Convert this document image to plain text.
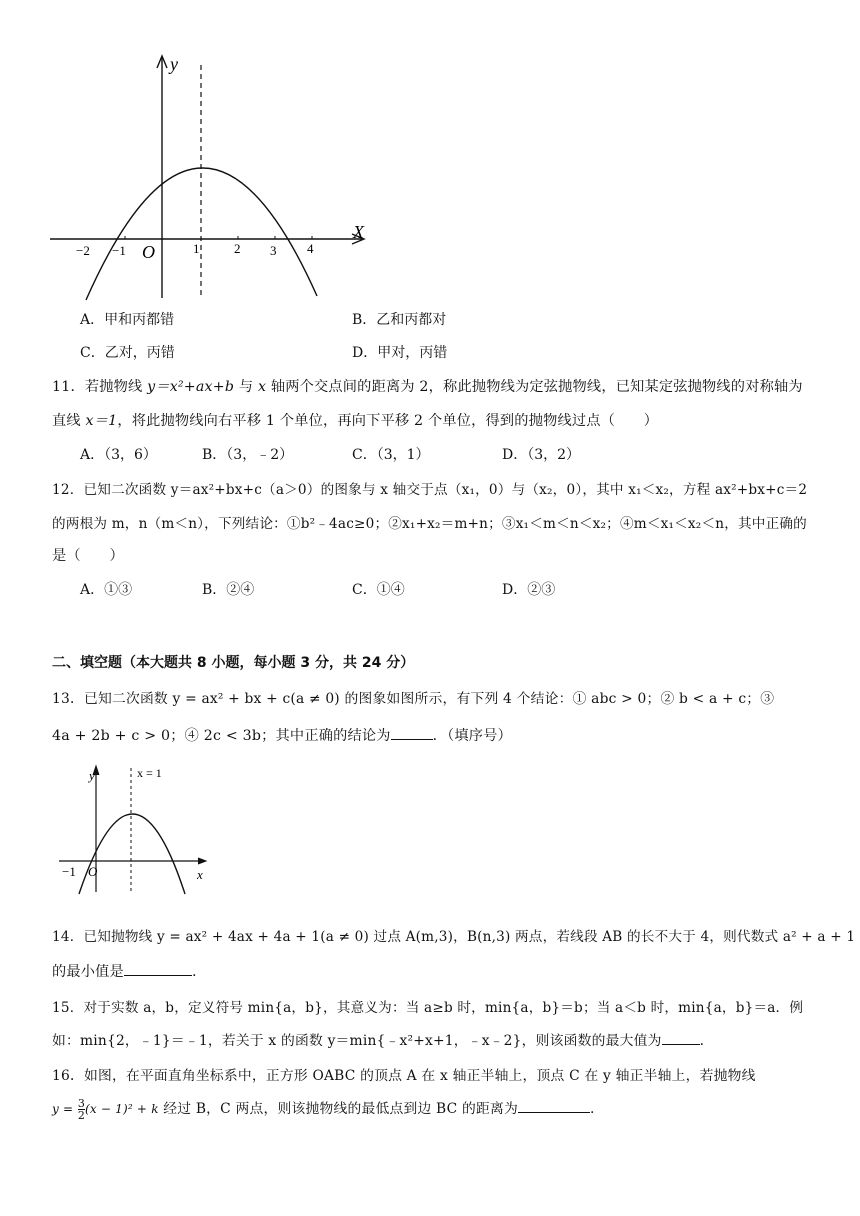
y
X
O
−2 −1	1	2 3 4
A．甲和丙都错	B．乙和丙都对
C．乙对，丙错	D．甲对，丙错
11．若抛物线 y＝x²+ax+b 与 x 轴两个交点间的距离为 2，称此抛物线为定弦抛物线，已知某定弦抛物线的对称轴为
直线 x＝1，将此抛物线向右平移 1 个单位，再向下平移 2 个单位，得到的抛物线过点（　　）
A．（3，6）	B．（3，﹣2）	C．（3，1）	D．（3，2）
12．已知二次函数 y＝ax²+bx+c（a＞0）的图象与 x 轴交于点（x₁，0）与（x₂，0），其中 x₁＜x₂，方程 ax²+bx+c＝2
的两根为 m，n（m＜n），下列结论：①b²﹣4ac≥0；②x₁+x₂＝m+n；③x₁＜m＜n＜x₂；④m＜x₁＜x₂＜n，其中正确的
是（　　）
A．①③	B．②④	C．①④	D．②③
二、填空题（本大题共 8 小题，每小题 3 分，共 24 分）
13．已知二次函数 y = ax² + bx + c(a ≠ 0) 的图象如图所示，有下列 4 个结论：① abc > 0；② b < a + c；③
4a + 2b + c > 0；④ 2c < 3b；其中正确的结论为	．（填序号）
y	x = 1
x
−1 O
14．已知抛物线 y = ax² + 4ax + 4a + 1(a ≠ 0) 过点 A(m,3)，B(n,3) 两点，若线段 AB 的长不大于 4，则代数式 a² + a + 1
的最小值是	.
15．对于实数 a，b，定义符号 min{a，b}，其意义为：当 a≥b 时，min{a，b}＝b；当 a＜b 时，min{a，b}＝a．例
如：min{2，﹣1}＝﹣1，若关于 x 的函数 y＝min{﹣x²+x+1，﹣x﹣2}，则该函数的最大值为	.
16．如图，在平面直角坐标系中，正方形 OABC 的顶点 A 在 x 轴正半轴上，顶点 C 在 y 轴正半轴上，若抛物线
$y = \frac{3}{2} (x - 1)^2 + k$ 经过 B，C 两点，则该抛物线的最低点到边 BC 的距离为	.
